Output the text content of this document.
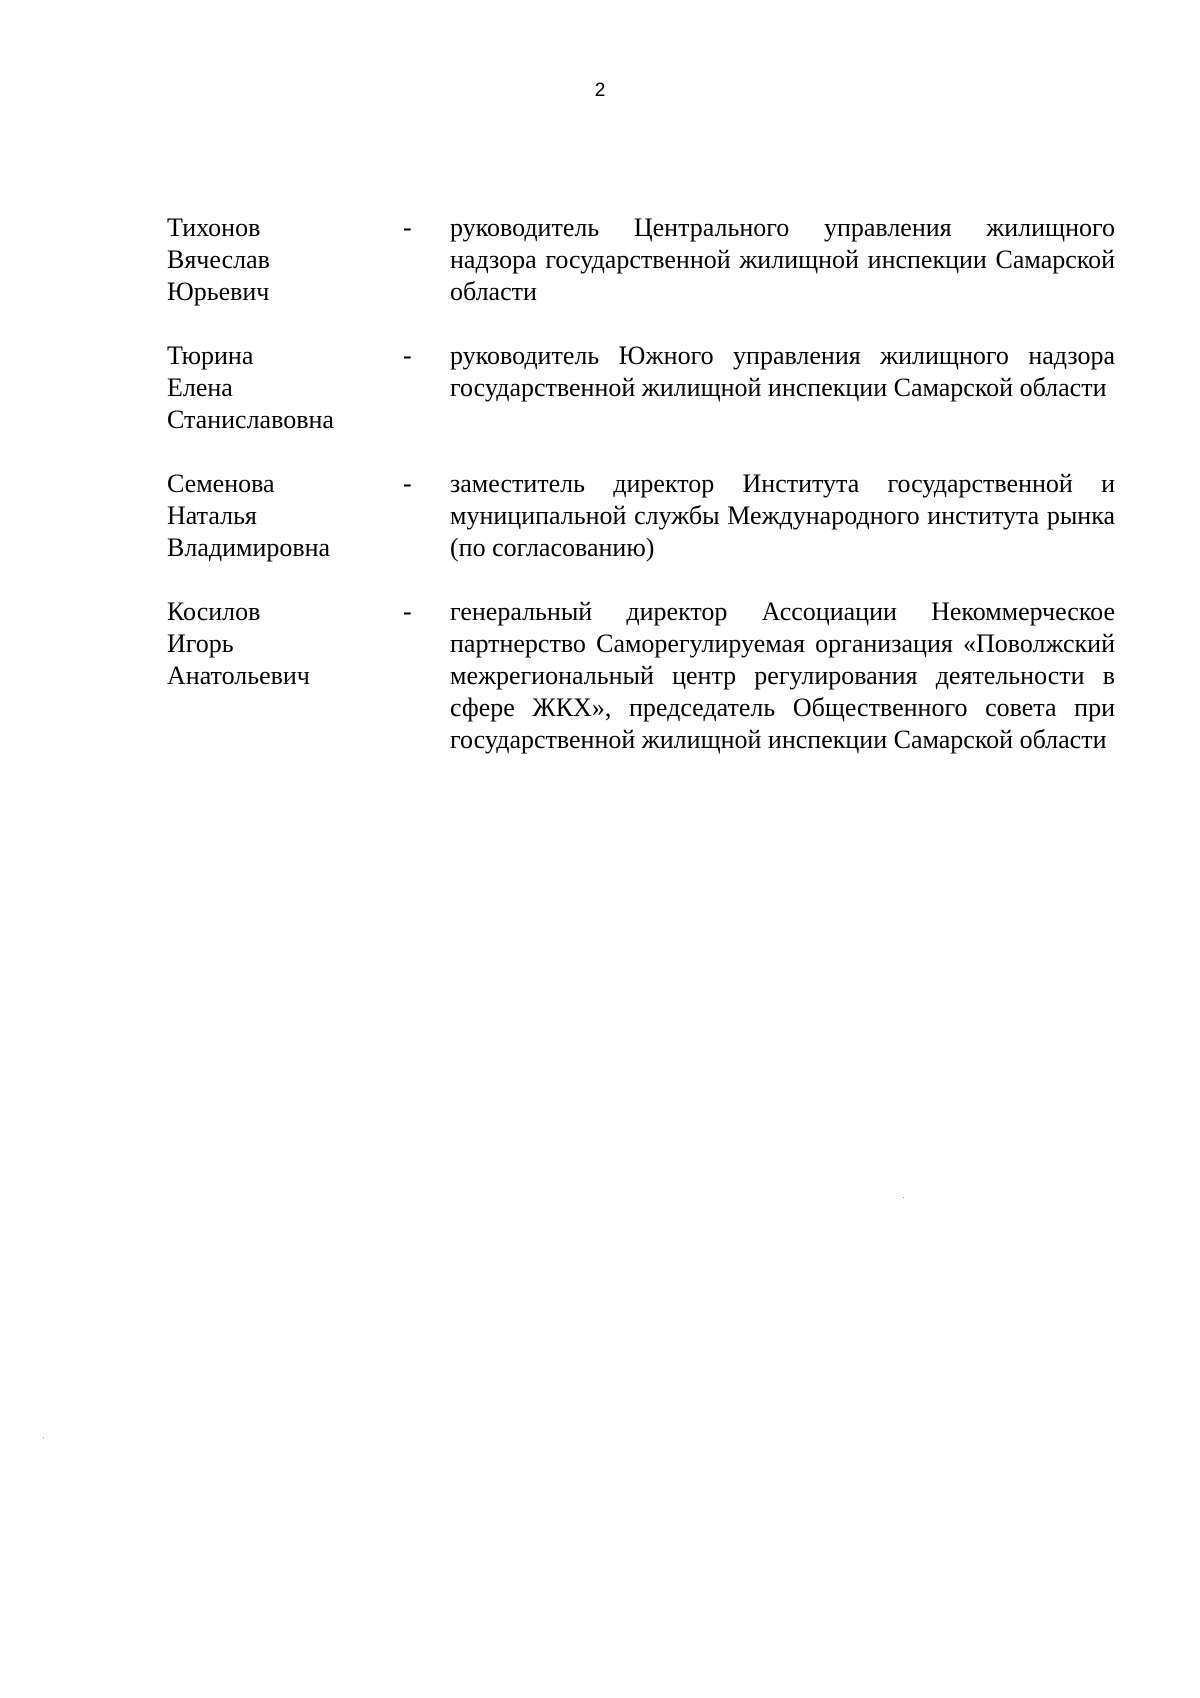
2
Тихонов
Вячеслав
Юрьевич
- руководитель Центрального управления жилищного надзора государственной жилищной инспекции Самарской области
Тюрина
Елена
Станиславовна
- руководитель Южного управления жилищного надзора государственной жилищной инспекции Самарской области
Семенова
Наталья
Владимировна
- заместитель директор Института государственной и муниципальной службы Международного института рынка (по согласованию)
Косилов
Игорь
Анатольевич
- генеральный директор Ассоциации Некоммерческое партнерство Саморегулируемая организация «Поволжский межрегиональный центр регулирования деятельности в сфере ЖКХ», председатель Общественного совета при государственной жилищной инспекции Самарской области
